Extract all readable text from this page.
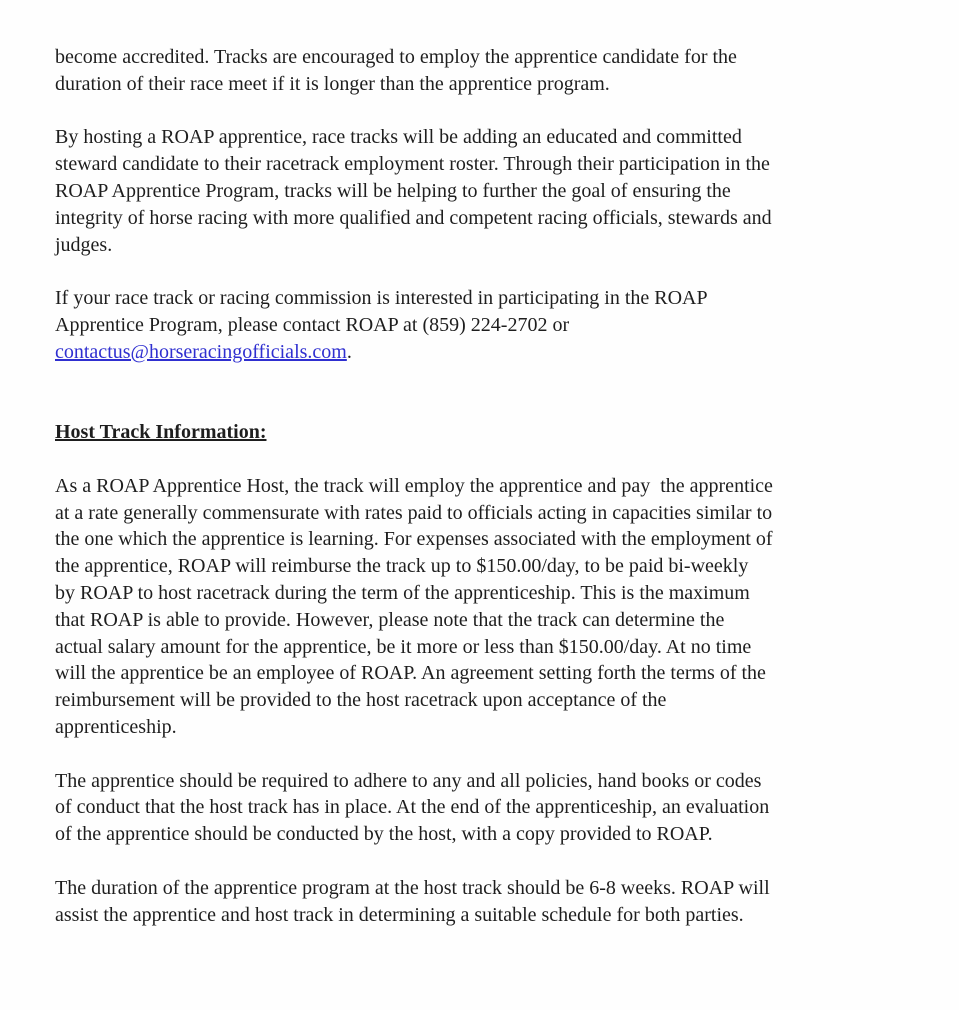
become accredited. Tracks are encouraged to employ the apprentice candidate for the
duration of their race meet if it is longer than the apprentice program.
By hosting a ROAP apprentice, race tracks will be adding an educated and committed
steward candidate to their racetrack employment roster. Through their participation in the
ROAP Apprentice Program, tracks will be helping to further the goal of ensuring the
integrity of horse racing with more qualified and competent racing officials, stewards and
judges.
If your race track or racing commission is interested in participating in the ROAP
Apprentice Program, please contact ROAP at (859) 224-2702 or
contactus@horseracingofficials.com.
Host Track Information:
As a ROAP Apprentice Host, the track will employ the apprentice and pay  the apprentice
at a rate generally commensurate with rates paid to officials acting in capacities similar to
the one which the apprentice is learning. For expenses associated with the employment of
the apprentice, ROAP will reimburse the track up to $150.00/day, to be paid bi-weekly
by ROAP to host racetrack during the term of the apprenticeship. This is the maximum
that ROAP is able to provide. However, please note that the track can determine the
actual salary amount for the apprentice, be it more or less than $150.00/day. At no time
will the apprentice be an employee of ROAP. An agreement setting forth the terms of the
reimbursement will be provided to the host racetrack upon acceptance of the
apprenticeship.
The apprentice should be required to adhere to any and all policies, hand books or codes
of conduct that the host track has in place. At the end of the apprenticeship, an evaluation
of the apprentice should be conducted by the host, with a copy provided to ROAP.
The duration of the apprentice program at the host track should be 6-8 weeks. ROAP will
assist the apprentice and host track in determining a suitable schedule for both parties.
